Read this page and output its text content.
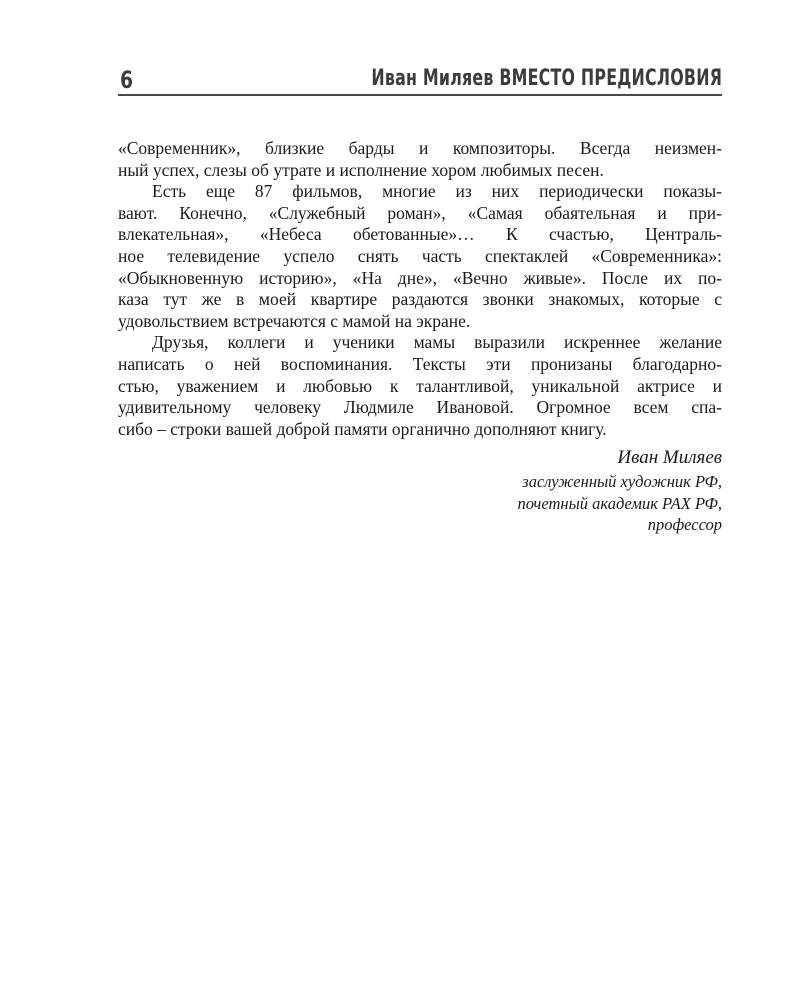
6	Иван Миляев ВМЕСТО ПРЕДИСЛОВИЯ

«Современник», близкие барды и композиторы. Всегда неизмен-
ный успех, слезы об утрате и исполнение хором любимых песен.

Есть еще 87 фильмов, многие из них периодически показы-
вают. Конечно, «Служебный роман», «Самая обаятельная и при-
влекательная», «Небеса обетованные»… К счастью, Централь-
ное телевидение успело снять часть спектаклей «Современника»:
«Обыкновенную историю», «На дне», «Вечно живые». После их по-
каза тут же в моей квартире раздаются звонки знакомых, которые с
удовольствием встречаются с мамой на экране.

Друзья, коллеги и ученики мамы выразили искреннее желание
написать о ней воспоминания. Тексты эти пронизаны благодарно-
стью, уважением и любовью к талантливой, уникальной актрисе и
удивительному человеку Людмиле Ивановой. Огромное всем спа-
сибо – строки вашей доброй памяти органично дополняют книгу.

Иван Миляев
заслуженный художник РФ,
почетный академик РАХ РФ,
профессор
